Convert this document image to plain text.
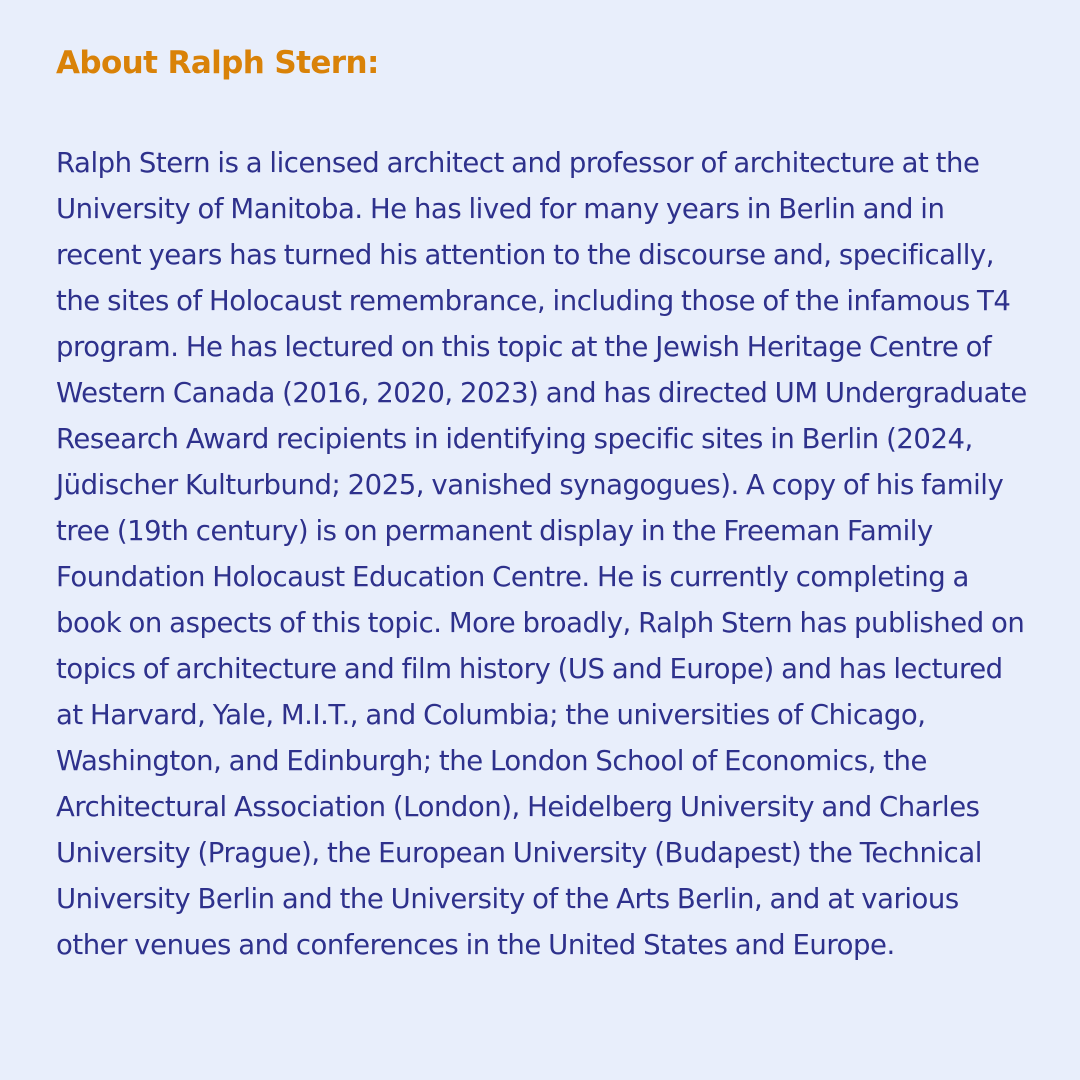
About Ralph Stern:

Ralph Stern is a licensed architect and professor of architecture at the University of Manitoba. He has lived for many years in Berlin and in recent years has turned his attention to the discourse and, specifically, the sites of Holocaust remembrance, including those of the infamous T4 program. He has lectured on this topic at the Jewish Heritage Centre of Western Canada (2016, 2020, 2023) and has directed UM Undergraduate Research Award recipients in identifying specific sites in Berlin (2024, Jüdischer Kulturbund; 2025, vanished synagogues). A copy of his family tree (19th century) is on permanent display in the Freeman Family Foundation Holocaust Education Centre. He is currently completing a book on aspects of this topic. More broadly, Ralph Stern has published on topics of architecture and film history (US and Europe) and has lectured at Harvard, Yale, M.I.T., and Columbia; the universities of Chicago, Washington, and Edinburgh; the London School of Economics, the Architectural Association (London), Heidelberg University and Charles University (Prague), the European University (Budapest) the Technical University Berlin and the University of the Arts Berlin, and at various other venues and conferences in the United States and Europe.
